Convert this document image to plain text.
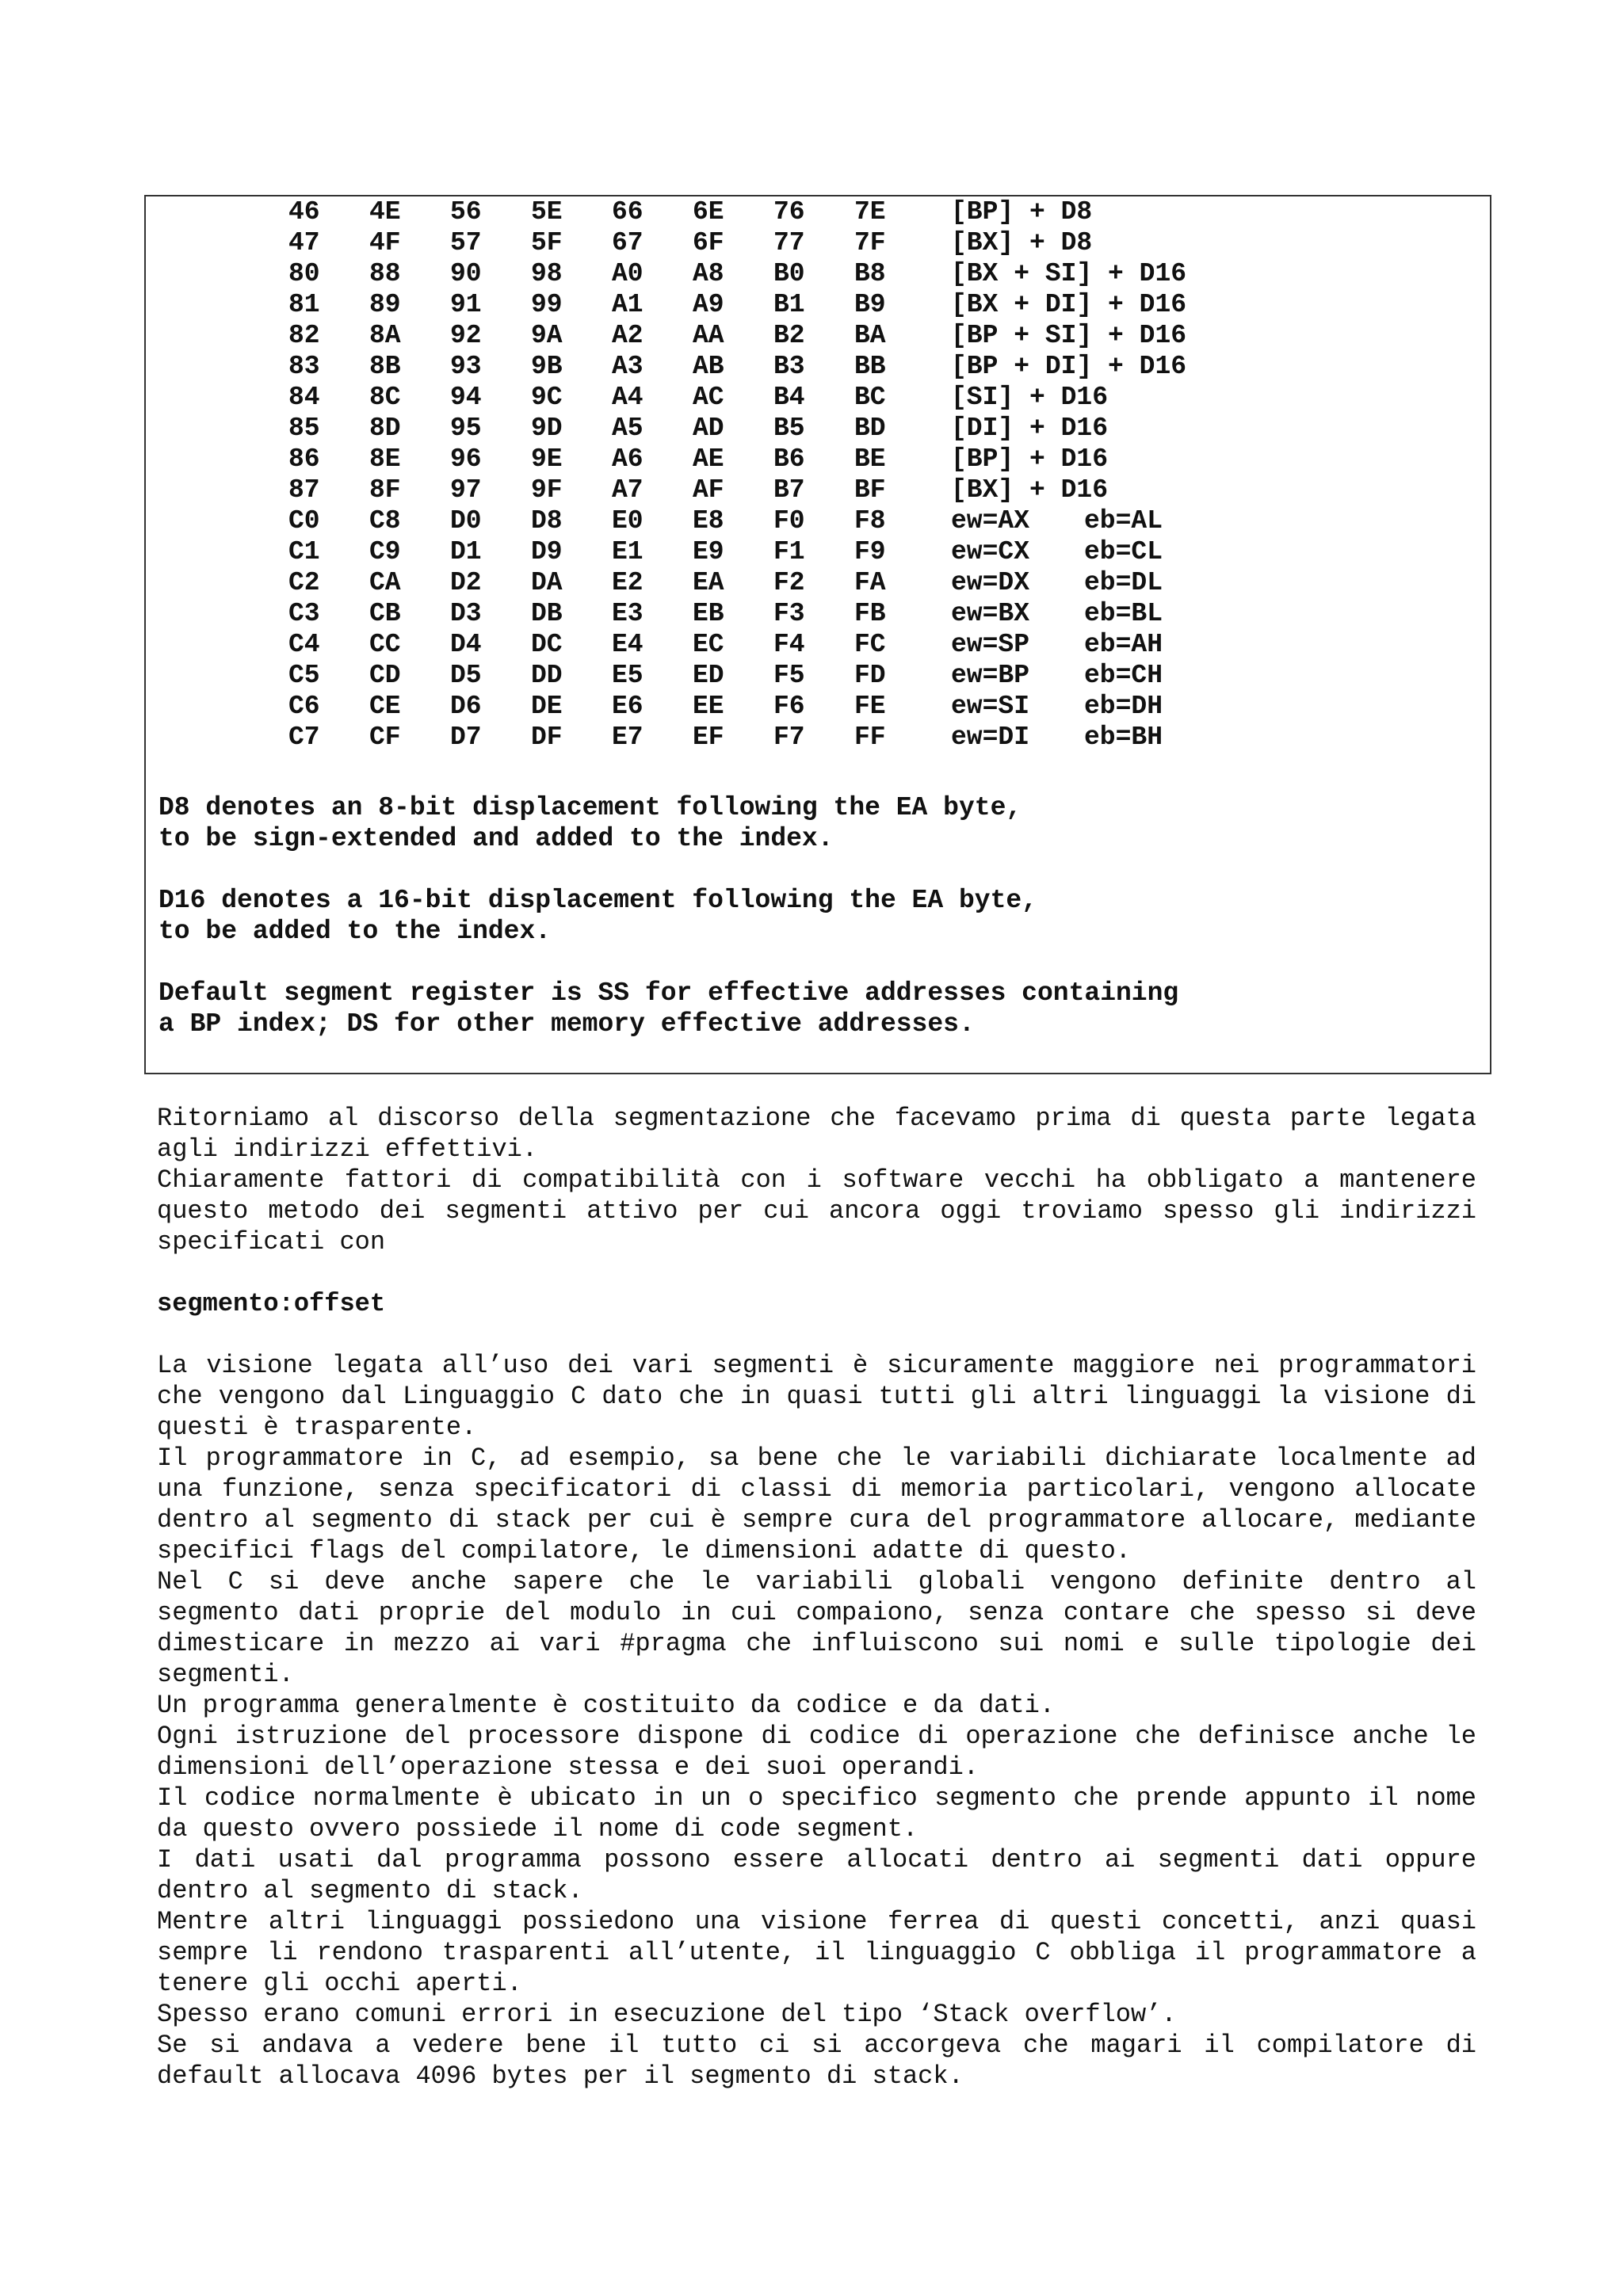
46 4E 56 5E 66 6E 76 7E [BP] + D8
47 4F 57 5F 67 6F 77 7F [BX] + D8
80 88 90 98 A0 A8 B0 B8 [BX + SI] + D16
81 89 91 99 A1 A9 B1 B9 [BX + DI] + D16
82 8A 92 9A A2 AA B2 BA [BP + SI] + D16
83 8B 93 9B A3 AB B3 BB [BP + DI] + D16
84 8C 94 9C A4 AC B4 BC [SI] + D16
85 8D 95 9D A5 AD B5 BD [DI] + D16
86 8E 96 9E A6 AE B6 BE [BP] + D16
87 8F 97 9F A7 AF B7 BF [BX] + D16
C0 C8 D0 D8 E0 E8 F0 F8 ew=AX eb=AL
C1 C9 D1 D9 E1 E9 F1 F9 ew=CX eb=CL
C2 CA D2 DA E2 EA F2 FA ew=DX eb=DL
C3 CB D3 DB E3 EB F3 FB ew=BX eb=BL
C4 CC D4 DC E4 EC F4 FC ew=SP eb=AH
C5 CD D5 DD E5 ED F5 FD ew=BP eb=CH
C6 CE D6 DE E6 EE F6 FE ew=SI eb=DH
C7 CF D7 DF E7 EF F7 FF ew=DI eb=BH
D8 denotes an 8-bit displacement following the EA byte,
to be sign-extended and added to the index.
D16 denotes a 16-bit displacement following the EA byte,
to be added to the index.
Default segment register is SS for effective addresses containing
a BP index; DS for other memory effective addresses.

Ritorniamo al discorso della segmentazione che facevamo prima di questa parte legata agli indirizzi effettivi.

Chiaramente fattori di compatibilità con i software vecchi ha obbligato a mantenere questo metodo dei segmenti attivo per cui ancora oggi troviamo spesso gli indirizzi specificati con

segmento:offset

La visione legata all’uso dei vari segmenti è sicuramente maggiore nei programmatori che vengono dal Linguaggio C dato che in quasi tutti gli altri linguaggi la visione di questi è trasparente.

Il programmatore in C, ad esempio, sa bene che le variabili dichiarate localmente ad una funzione, senza specificatori di classi di memoria particolari, vengono allocate dentro al segmento di stack per cui è sempre cura del programmatore allocare, mediante specifici flags del compilatore, le dimensioni adatte di questo.

Nel C si deve anche sapere che le variabili globali vengono definite dentro al segmento dati proprie del modulo in cui compaiono, senza contare che spesso si deve dimesticare in mezzo ai vari #pragma che influiscono sui nomi e sulle tipologie dei segmenti.

Un programma generalmente è costituito da codice e da dati.

Ogni istruzione del processore dispone di codice di operazione che definisce anche le dimensioni dell’operazione stessa e dei suoi operandi.

Il codice normalmente è ubicato in un o specifico segmento che prende appunto il nome da questo ovvero possiede il nome di code segment.

I dati usati dal programma possono essere allocati dentro ai segmenti dati oppure dentro al segmento di stack.

Mentre altri linguaggi possiedono una visione ferrea di questi concetti, anzi quasi sempre li rendono trasparenti all’utente, il linguaggio C obbliga il programmatore a tenere gli occhi aperti.

Spesso erano comuni errori in esecuzione del tipo ‘Stack overflow’.

Se si andava a vedere bene il tutto ci si accorgeva che magari il compilatore di default allocava 4096 bytes per il segmento di stack.
